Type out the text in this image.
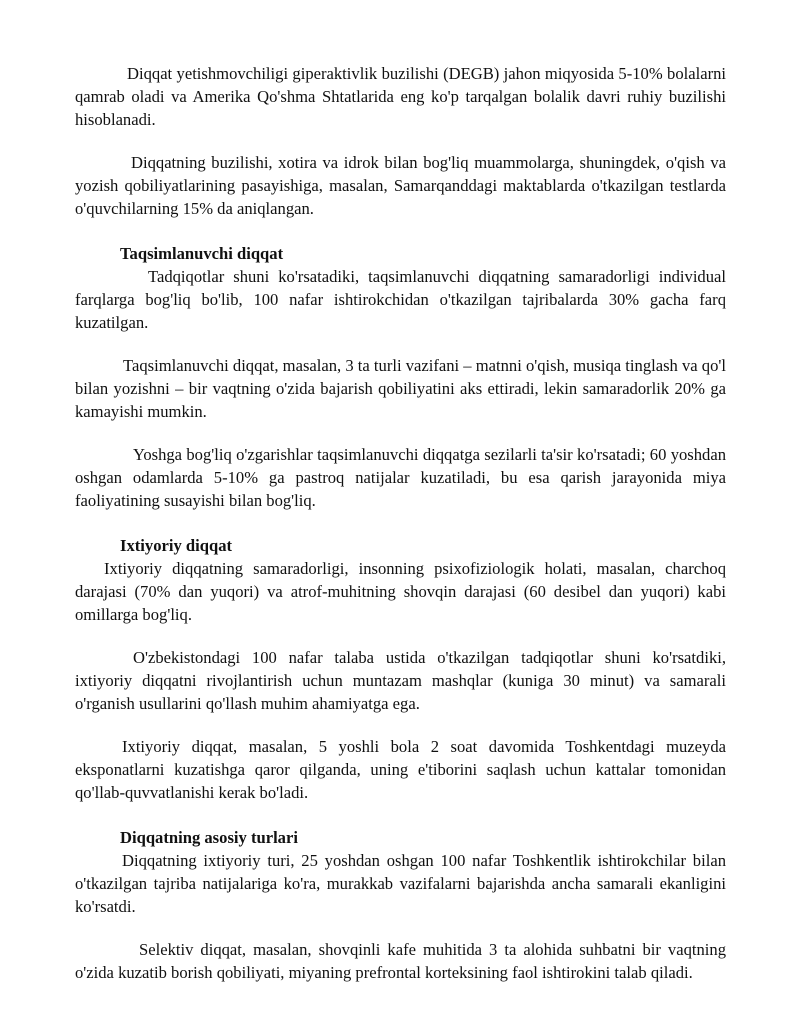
Diqqat yetishmovchiligi giperaktivlik buzilishi (DEGB) jahon miqyosida 5-10% bolalarni qamrab oladi va Amerika Qo'shma Shtatlarida eng ko'p tarqalgan bolalik davri ruhiy buzilishi hisoblanadi.

Diqqatning buzilishi, xotira va idrok bilan bog'liq muammolarga, shuningdek, o'qish va yozish qobiliyatlarining pasayishiga, masalan, Samarqanddagi maktablarda o'tkazilgan testlarda o'quvchilarning 15% da aniqlangan.

Taqsimlanuvchi diqqat

Tadqiqotlar shuni ko'rsatadiki, taqsimlanuvchi diqqatning samaradorligi individual farqlarga bog'liq bo'lib, 100 nafar ishtirokchidan o'tkazilgan tajribalarda 30% gacha farq kuzatilgan.

Taqsimlanuvchi diqqat, masalan, 3 ta turli vazifani – matnni o'qish, musiqa tinglash va qo'l bilan yozishni – bir vaqtning o'zida bajarish qobiliyatini aks ettiradi, lekin samaradorlik 20% ga kamayishi mumkin.

Yoshga bog'liq o'zgarishlar taqsimlanuvchi diqqatga sezilarli ta'sir ko'rsatadi; 60 yoshdan oshgan odamlarda 5-10% ga pastroq natijalar kuzatiladi, bu esa qarish jarayonida miya faoliyatining susayishi bilan bog'liq.

Ixtiyoriy diqqat

Ixtiyoriy diqqatning samaradorligi, insonning psixofiziologik holati, masalan, charchoq darajasi (70% dan yuqori) va atrof-muhitning shovqin darajasi (60 desibel dan yuqori) kabi omillarga bog'liq.

O'zbekistondagi 100 nafar talaba ustida o'tkazilgan tadqiqotlar shuni ko'rsatdiki, ixtiyoriy diqqatni rivojlantirish uchun muntazam mashqlar (kuniga 30 minut) va samarali o'rganish usullarini qo'llash muhim ahamiyatga ega.

Ixtiyoriy diqqat, masalan, 5 yoshli bola 2 soat davomida Toshkentdagi muzeyda eksponatlarni kuzatishga qaror qilganda, uning e'tiborini saqlash uchun kattalar tomonidan qo'llab-quvvatlanishi kerak bo'ladi.

Diqqatning asosiy turlari

Diqqatning ixtiyoriy turi, 25 yoshdan oshgan 100 nafar Toshkentlik ishtirokchilar bilan o'tkazilgan tajriba natijalariga ko'ra, murakkab vazifalarni bajarishda ancha samarali ekanligini ko'rsatdi.

Selektiv diqqat, masalan, shovqinli kafe muhitida 3 ta alohida suhbatni bir vaqtning o'zida kuzatib borish qobiliyati, miyaning prefrontal korteksining faol ishtirokini talab qiladi.
